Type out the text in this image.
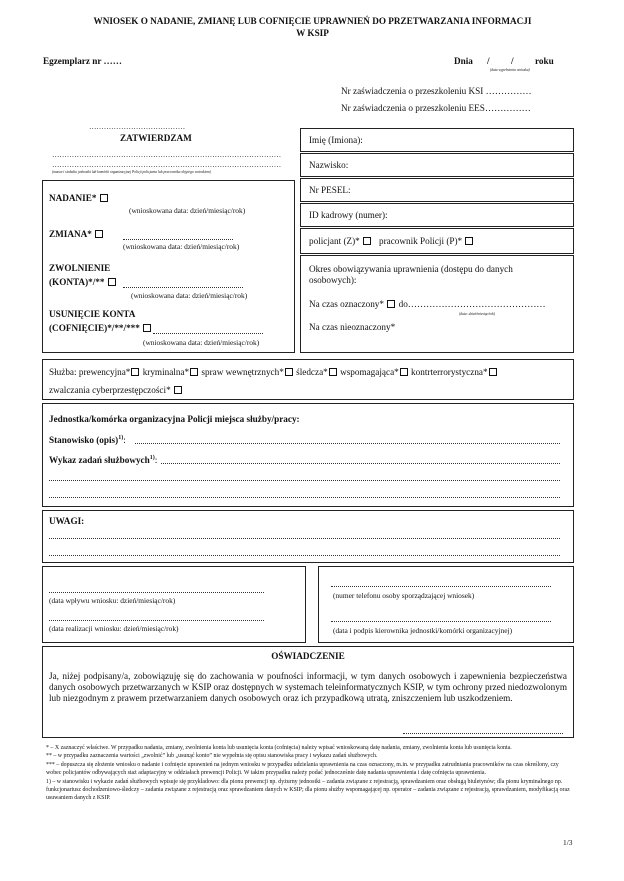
WNIOSEK O NADANIE, ZMIANĘ LUB COFNIĘCIE UPRAWNIEŃ DO PRZETWARZANIA INFORMACJI
W KSIP
Egzemplarz nr ……	Dnia / / roku
(data wypełnienia wniosku)
Nr zaświadczenia o przeszkoleniu KSI ……………
Nr zaświadczenia o przeszkoleniu EES……………
…………………………………
ZATWIERDZAM
…………………………………………………………………………………
…………………………………………………………………………………
(nazwa i siedziba jednostki lub komórki organizacyjnej Policji policjanta lub pracownika objętego wnioskiem)
Imię (Imiona):
Nazwisko:
Nr PESEL:
ID kadrowy (numer):
policjant (Z)* pracownik Policji (P)*
Okres obowiązywania uprawnienia (dostępu do danych osobowych):
Na czas oznaczony* do………………………………………
(data: dzień/miesiąc/rok)
Na czas nieoznaczony*
NADANIE*
(wnioskowana data: dzień/miesiąc/rok)
ZMIANA*
(wnioskowana data: dzień/miesiąc/rok)
ZWOLNIENIE
(KONTA)*/**
(wnioskowana data: dzień/miesiąc/rok)
USUNIĘCIE KONTA
(COFNIĘCIE)*/**/***
(wnioskowana data: dzień/miesiąc/rok)
Służba: prewencyjna* kryminalna* spraw wewnętrznych* śledcza* wspomagająca* kontrterrorystyczna*
zwalczania cyberprzestępczości*
Jednostka/komórka organizacyjna Policji miejsca służby/pracy:
Stanowisko (opis)$^{1)}$:
Wykaz zadań służbowych$^{1)}$:
UWAGI:
(data wpływu wniosku: dzień/miesiąc/rok)
(data realizacji wniosku: dzień/miesiąc/rok)
(numer telefonu osoby sporządzającej wniosek)
(data i podpis kierownika jednostki/komórki organizacyjnej)
OŚWIADCZENIE
Ja, niżej podpisany/a, zobowiązuję się do zachowania w poufności informacji, w tym danych osobowych i zapewnienia bezpieczeństwa danych osobowych przetwarzanych w KSIP oraz dostępnych w systemach teleinformatycznych KSIP, w tym ochrony przed niedozwolonym lub niezgodnym z prawem przetwarzaniem danych osobowych oraz ich przypadkową utratą, zniszczeniem lub uszkodzeniem.

* – X zaznaczyć właściwe. W przypadku nadania, zmiany, zwolnienia konta lub usunięcia konta (cofnięcia) należy wpisać wnioskowaną datę nadania, zmiany, zwolnienia konta lub usunięcia konta.

** – w przypadku zaznaczenia wartości „zwolnić” lub „usunąć konto” nie wypełnia się opisu stanowiska pracy i wykazu zadań służbowych.

*** – dopuszcza się złożenie wniosku o nadanie i cofnięcie uprawnień na jednym wniosku w przypadku udzielania uprawnienia na czas oznaczony, m.in. w przypadku zatrudniania pracowników na czas określony, czy wobec policjantów odbywających staż adaptacyjny w oddziałach prewencji Policji. W takim przypadku należy podać jednocześnie datę nadania uprawnienia i datę cofnięcia uprawnienia.

1) – w stanowisku i wykazie zadań służbowych wpisuje się przykładowo: dla pionu prewencji np. dyżurny jednostki – zadania związane z rejestracją, sprawdzaniem oraz obsługą biuletynów; dla pionu kryminalnego np. funkcjonariusz dochodzeniowo-śledczy – zadania związane z rejestracją oraz sprawdzaniem danych w KSIP; dla pionu służby wspomagającej np. operator – zadania związane z rejestracją, sprawdzaniem, modyfikacją oraz usuwaniem danych z KSIP.

1/3
